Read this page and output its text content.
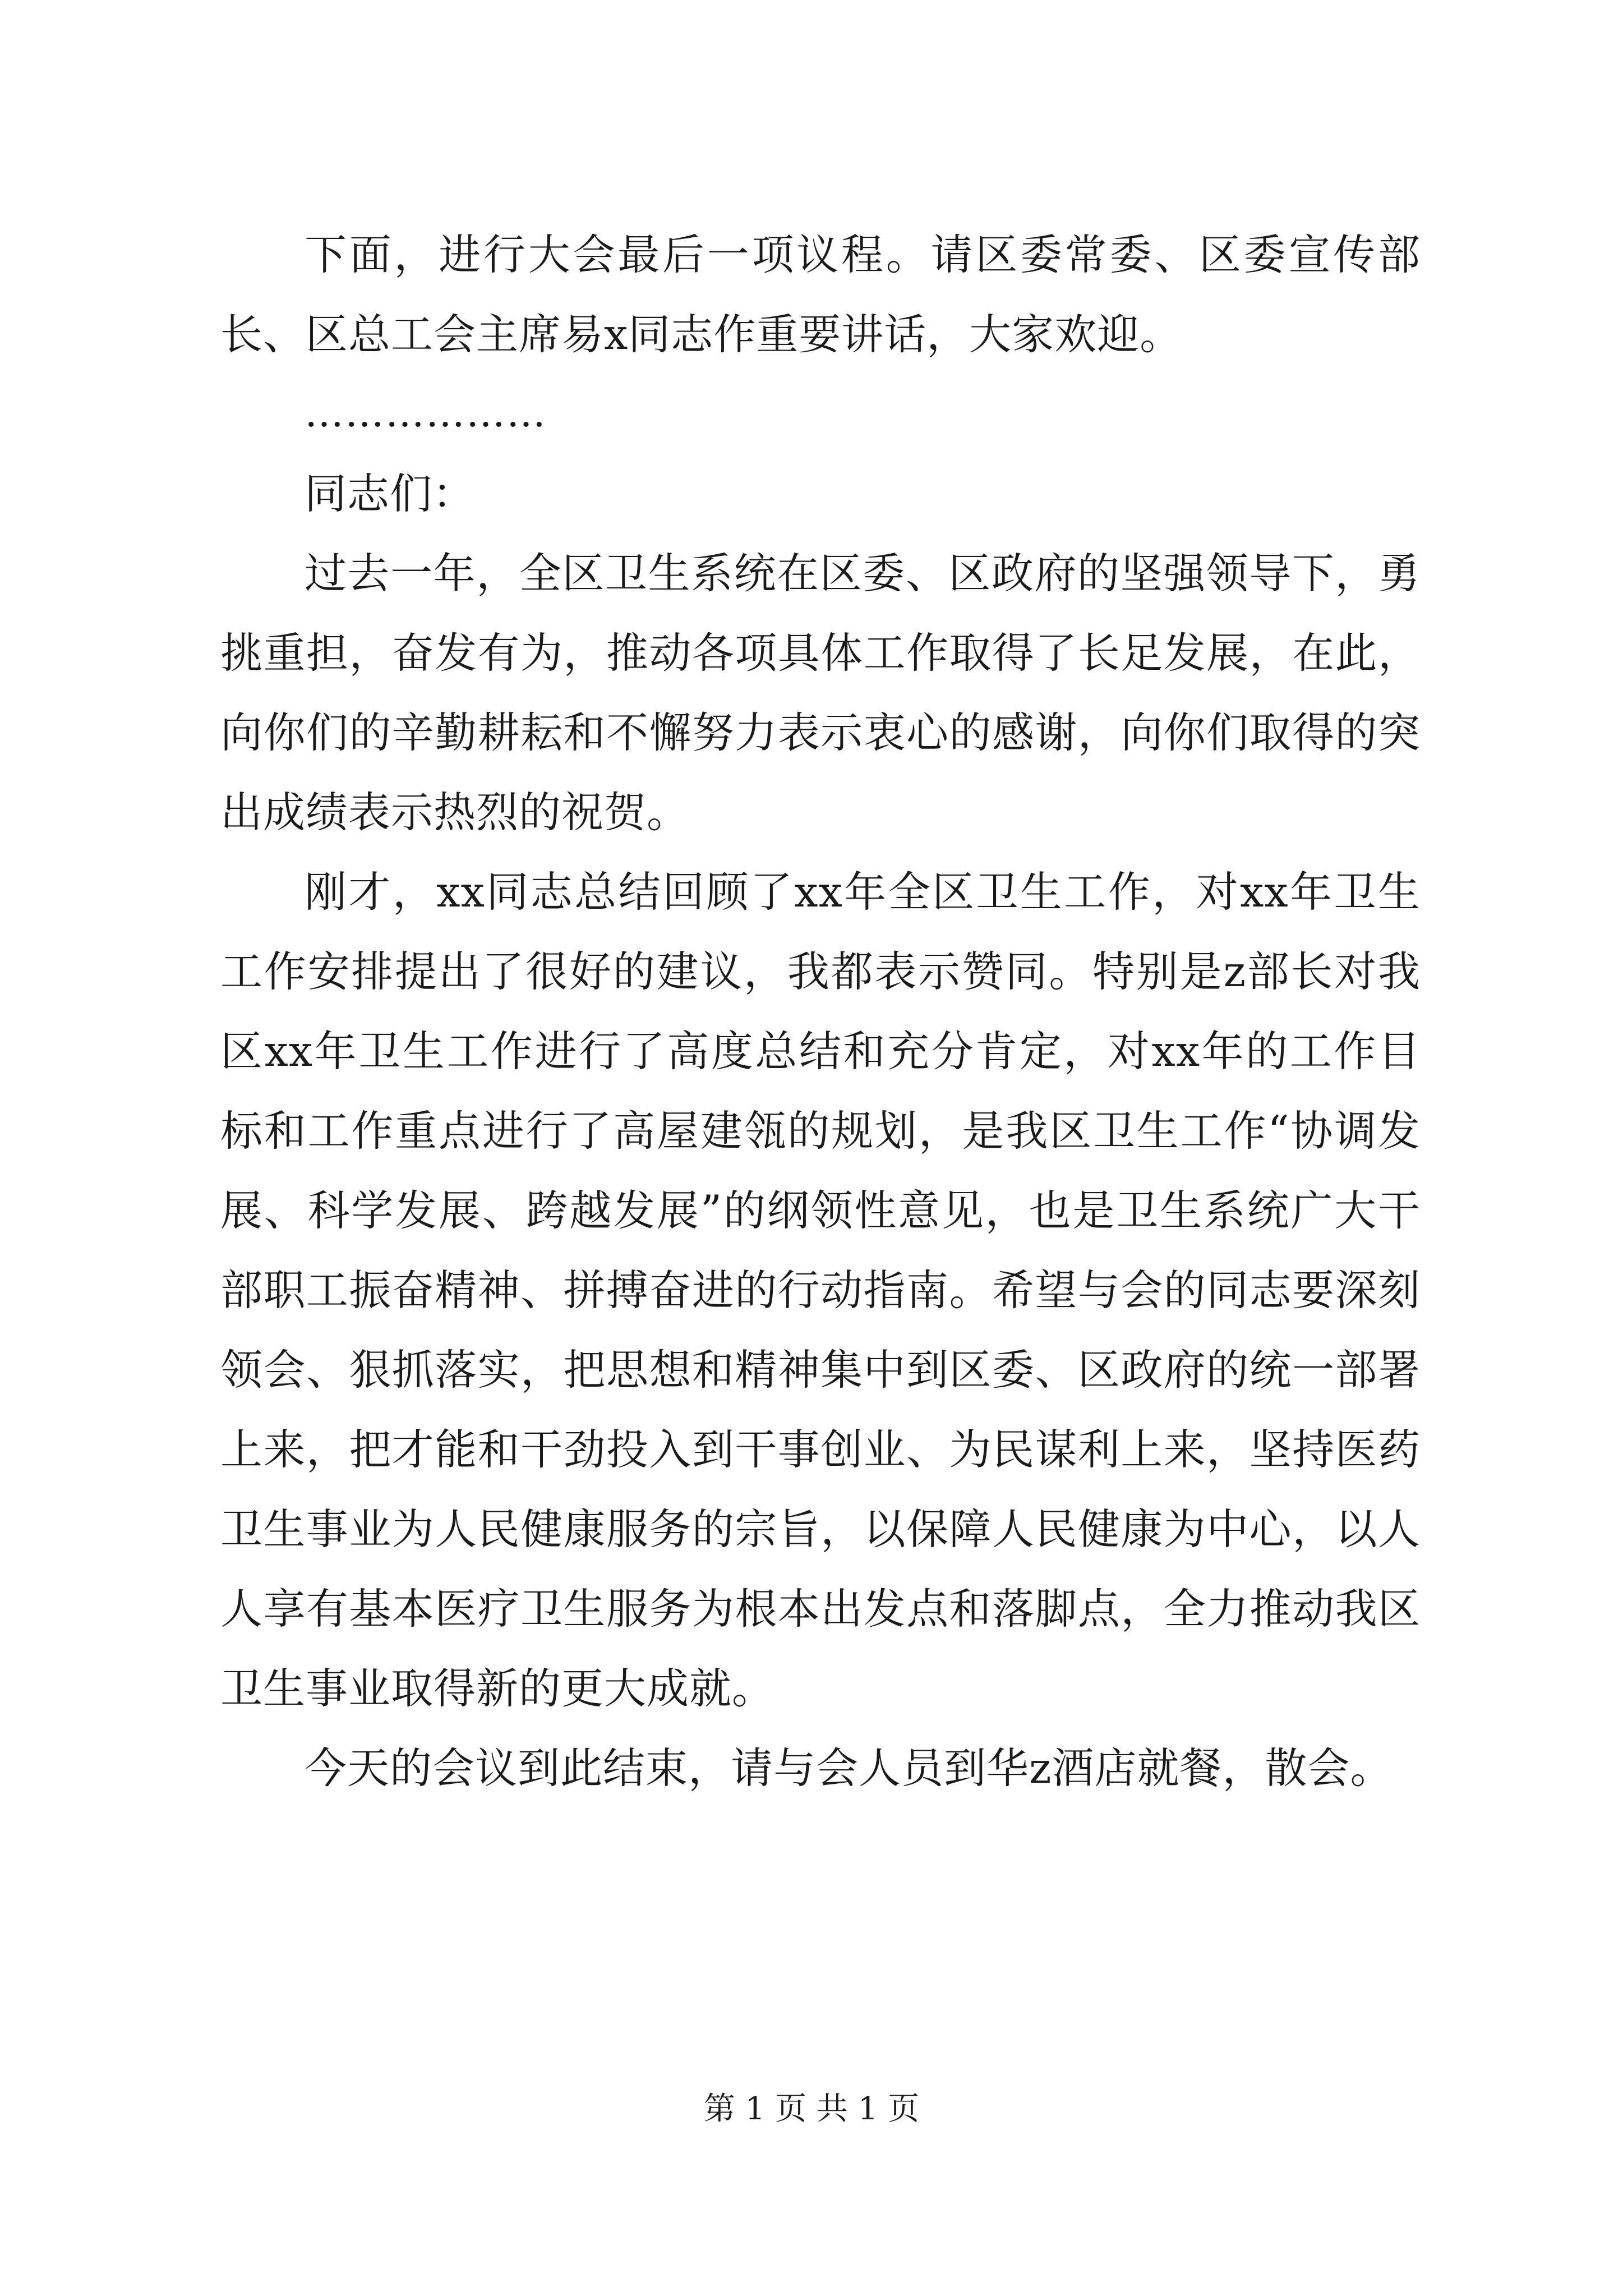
下面，进行大会最后一项议程。请区委常委、区委宣传部长、区总工会主席易x同志作重要讲话，大家欢迎。

………………

同志们：

过去一年，全区卫生系统在区委、区政府的坚强领导下，勇挑重担，奋发有为，推动各项具体工作取得了长足发展，在此，向你们的辛勤耕耘和不懈努力表示衷心的感谢，向你们取得的突出成绩表示热烈的祝贺。

刚才，xx同志总结回顾了xx年全区卫生工作，对xx年卫生工作安排提出了很好的建议，我都表示赞同。特别是z部长对我区xx年卫生工作进行了高度总结和充分肯定，对xx年的工作目标和工作重点进行了高屋建瓴的规划，是我区卫生工作“协调发展、科学发展、跨越发展”的纲领性意见，也是卫生系统广大干部职工振奋精神、拼搏奋进的行动指南。希望与会的同志要深刻领会、狠抓落实，把思想和精神集中到区委、区政府的统一部署上来，把才能和干劲投入到干事创业、为民谋利上来，坚持医药卫生事业为人民健康服务的宗旨，以保障人民健康为中心，以人人享有基本医疗卫生服务为根本出发点和落脚点，全力推动我区卫生事业取得新的更大成就。

今天的会议到此结束，请与会人员到华z酒店就餐，散会。

第 1 页 共 1 页
